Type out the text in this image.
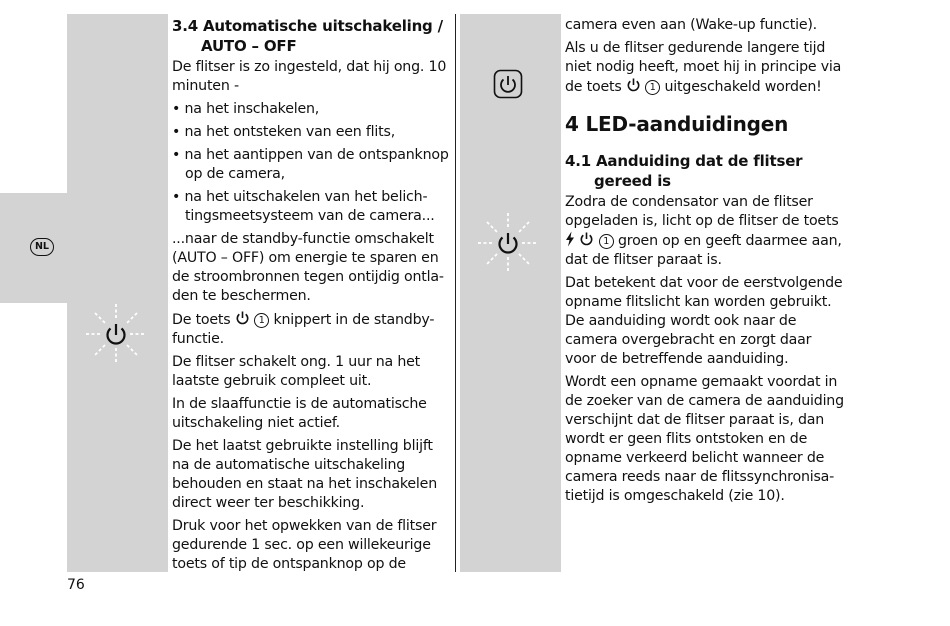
NL
3.4 Automatische uitschakeling /
AUTO – OFF

De flitser is zo ingesteld, dat hij ong. 10 minuten -

• na het inschakelen,
• na het ontsteken van een flits,
• na het aantippen van de ontspanknop op de camera,
• na het uitschakelen van het belichtingsmeetsysteem van de camera...

...naar de standby-functie omschakelt (AUTO – OFF) om energie te sparen en de stroombronnen tegen ontijdig ontladen te beschermen.

De toets	1 knippert in de standby-functie.

De flitser schakelt ong. 1 uur na het laatste gebruik compleet uit.

In de slaaffunctie is de automatische uitschakeling niet actief.

De het laatst gebruikte instelling blijft na de automatische uitschakeling behouden en staat na het inschakelen direct weer ter beschikking.

Druk voor het opwekken van de flitser gedurende 1 sec. op een willekeurige toets of tip de ontspanknop op de

camera even aan (Wake-up functie).

Als u de flitser gedurende langere tijd niet nodig heeft, moet hij in principe via de toets	1 uitgeschakeld worden!

4 LED-aanduidingen
4.1 Aanduiding dat de flitser
gereed is

Zodra de condensator van de flitser opgeladen is, licht op de flitser de toets   1 groen op en geeft daarmee aan, dat de flitser paraat is.

Dat betekent dat voor de eerstvolgende opname flitslicht kan worden gebruikt. De aanduiding wordt ook naar de camera overgebracht en zorgt daar voor de betreffende aanduiding.

Wordt een opname gemaakt voordat in de zoeker van de camera de aanduiding verschijnt dat de flitser paraat is, dan wordt er geen flits ontstoken en de opname verkeerd belicht wanneer de camera reeds naar de flitssynchronisatietijd is omgeschakeld (zie 10).

76
